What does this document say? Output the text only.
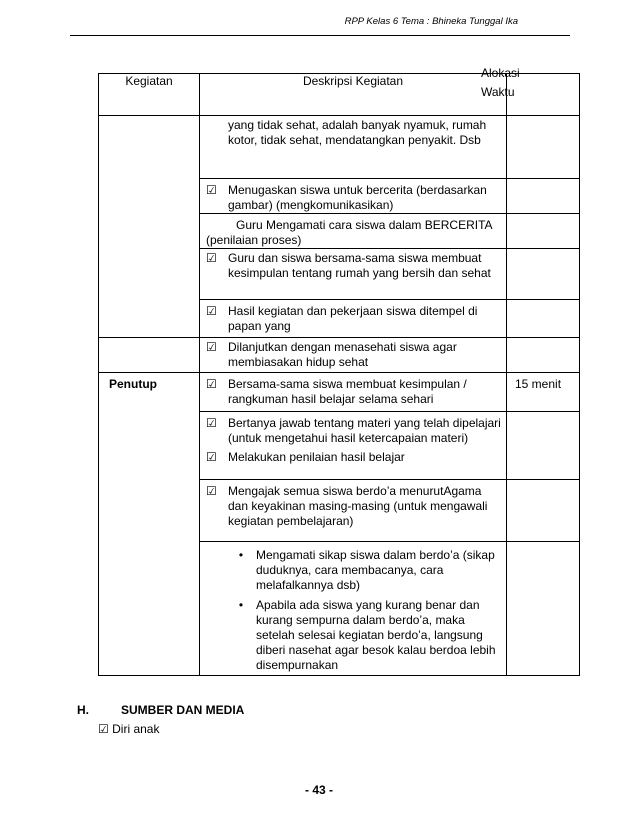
RPP Kelas 6 Tema : Bhineka Tunggal Ika
Kegiatan	Deskripsi Kegiatan	Alokasi
Waktu

	yang tidak sehat, adalah banyak nyamuk, rumah kotor, tidak sehat, mendatangkan penyakit. Dsb	

	☑ Menugaskan siswa untuk bercerita (berdasarkan gambar) (mengkomunikasikan)	

	Guru Mengamati cara siswa dalam BERCERITA (penilaian proses)	

	☑ Guru dan siswa bersama-sama siswa membuat kesimpulan tentang rumah yang bersih dan sehat	

	☑ Hasil kegiatan dan pekerjaan siswa ditempel di papan yang	

	☑ Dilanjutkan dengan menasehati siswa agar membiasakan hidup sehat	

Penutup	☑ Bersama-sama siswa membuat kesimpulan / rangkuman hasil belajar selama sehari	15 menit

	☑ Bertanya jawab tentang materi yang telah dipelajari (untuk mengetahui hasil ketercapaian materi)
☑ Melakukan penilaian hasil belajar	

	☑ Mengajak semua siswa berdo’a menurutAgama dan keyakinan masing-masing (untuk mengawali kegiatan pembelajaran)	

	• Mengamati sikap siswa dalam berdo’a (sikap duduknya, cara membacanya, cara melafalkannya dsb)
• Apabila ada siswa yang kurang benar dan kurang sempurna dalam berdo’a, maka setelah selesai kegiatan berdo’a, langsung diberi nasehat agar besok kalau berdoa lebih disempurnakan	

H.	SUMBER DAN MEDIA
☑ Diri anak
- 43 -
